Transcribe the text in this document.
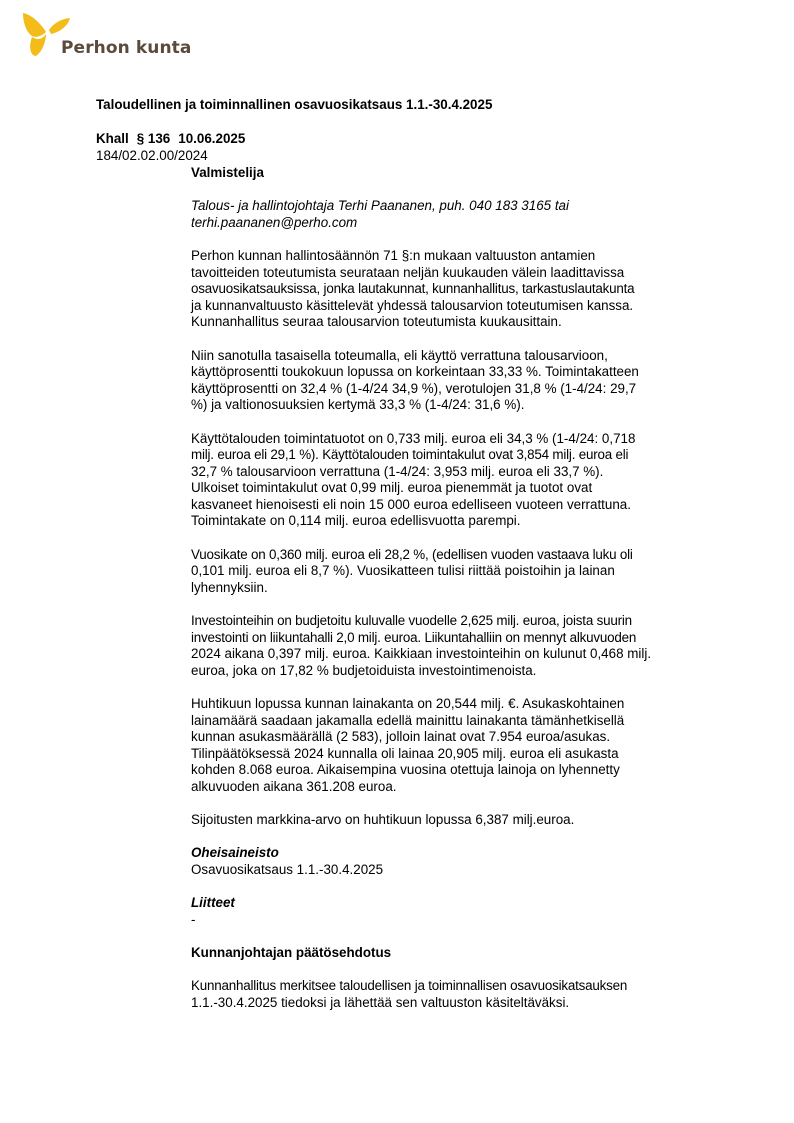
Perhon kunta
Taloudellinen ja toiminnallinen osavuosikatsaus 1.1.-30.4.2025
Khall § 136 10.06.2025
184/02.02.00/2024

Valmistelija

Talous- ja hallintojohtaja Terhi Paananen, puh. 040 183 3165 tai

terhi.paananen@perho.com

Perhon kunnan hallintosäännön 71 §:n mukaan valtuuston antamien

tavoitteiden toteutumista seurataan neljän kuukauden välein laadittavissa

osavuosikatsauksissa, jonka lautakunnat, kunnanhallitus, tarkastuslautakunta

ja kunnanvaltuusto käsittelevät yhdessä talousarvion toteutumisen kanssa.

Kunnanhallitus seuraa talousarvion toteutumista kuukausittain.

Niin sanotulla tasaisella toteumalla, eli käyttö verrattuna talousarvioon,

käyttöprosentti toukokuun lopussa on korkeintaan 33,33 %. Toimintakatteen

käyttöprosentti on 32,4 % (1-4/24 34,9 %), verotulojen 31,8 % (1-4/24: 29,7

%) ja valtionosuuksien kertymä 33,3 % (1-4/24: 31,6 %).

Käyttötalouden toimintatuotot on 0,733 milj. euroa eli 34,3 % (1-4/24: 0,718

milj. euroa eli 29,1 %). Käyttötalouden toimintakulut ovat 3,854 milj. euroa eli

32,7 % talousarvioon verrattuna (1-4/24: 3,953 milj. euroa eli 33,7 %).

Ulkoiset toimintakulut ovat 0,99 milj. euroa pienemmät ja tuotot ovat

kasvaneet hienoisesti eli noin 15 000 euroa edelliseen vuoteen verrattuna.

Toimintakate on 0,114 milj. euroa edellisvuotta parempi.

Vuosikate on 0,360 milj. euroa eli 28,2 %, (edellisen vuoden vastaava luku oli

0,101 milj. euroa eli 8,7 %). Vuosikatteen tulisi riittää poistoihin ja lainan

lyhennyksiin.

Investointeihin on budjetoitu kuluvalle vuodelle 2,625 milj. euroa, joista suurin

investointi on liikuntahalli 2,0 milj. euroa. Liikuntahalliin on mennyt alkuvuoden

2024 aikana 0,397 milj. euroa. Kaikkiaan investointeihin on kulunut 0,468 milj.

euroa, joka on 17,82 % budjetoiduista investointimenoista.

Huhtikuun lopussa kunnan lainakanta on 20,544 milj. €. Asukaskohtainen

lainamäärä saadaan jakamalla edellä mainittu lainakanta tämänhetkisellä

kunnan asukasmäärällä (2 583), jolloin lainat ovat 7.954 euroa/asukas.

Tilinpäätöksessä 2024 kunnalla oli lainaa 20,905 milj. euroa eli asukasta

kohden 8.068 euroa. Aikaisempina vuosina otettuja lainoja on lyhennetty

alkuvuoden aikana 361.208 euroa.

Sijoitusten markkina-arvo on huhtikuun lopussa 6,387 milj.euroa.

Oheisaineisto

Osavuosikatsaus 1.1.-30.4.2025

Liitteet

-

Kunnanjohtajan päätösehdotus

Kunnanhallitus merkitsee taloudellisen ja toiminnallisen osavuosikatsauksen

1.1.-30.4.2025 tiedoksi ja lähettää sen valtuuston käsiteltäväksi.
